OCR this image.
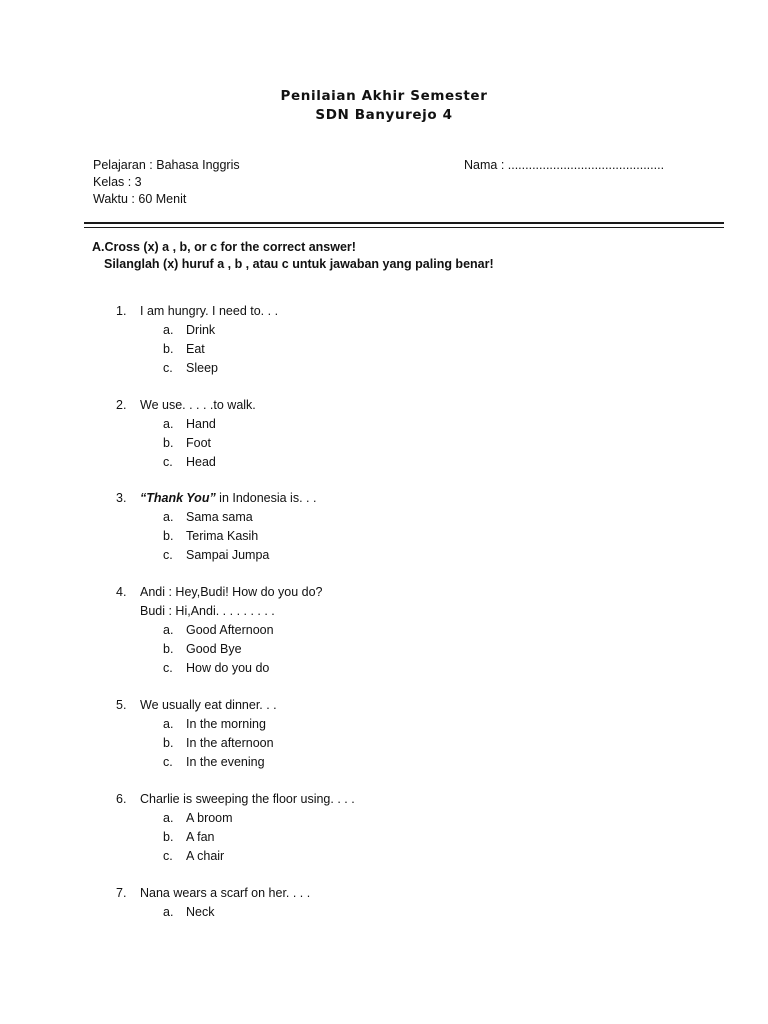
Penilaian Akhir Semester
SDN Banyurejo 4
Pelajaran : Bahasa Inggris
Kelas : 3
Waktu : 60 Menit
Nama : .............................................
A.Cross (x) a , b, or c for the correct answer!
Silanglah (x) huruf a , b , atau c untuk jawaban yang paling benar!
1. I am hungry. I need to. . .
a. Drink
b. Eat
c. Sleep
2. We use. . . . .to walk.
a. Hand
b. Foot
c. Head
3. “Thank You” in Indonesia is. . .
a. Sama sama
b. Terima Kasih
c. Sampai Jumpa
4. Andi : Hey,Budi! How do you do?
Budi : Hi,Andi. . . . . . . . .
a. Good Afternoon
b. Good Bye
c. How do you do
5. We usually eat dinner. . .
a. In the morning
b. In the afternoon
c. In the evening
6. Charlie is sweeping the floor using. . . .
a. A broom
b. A fan
c. A chair
7. Nana wears a scarf on her. . . .
a. Neck
